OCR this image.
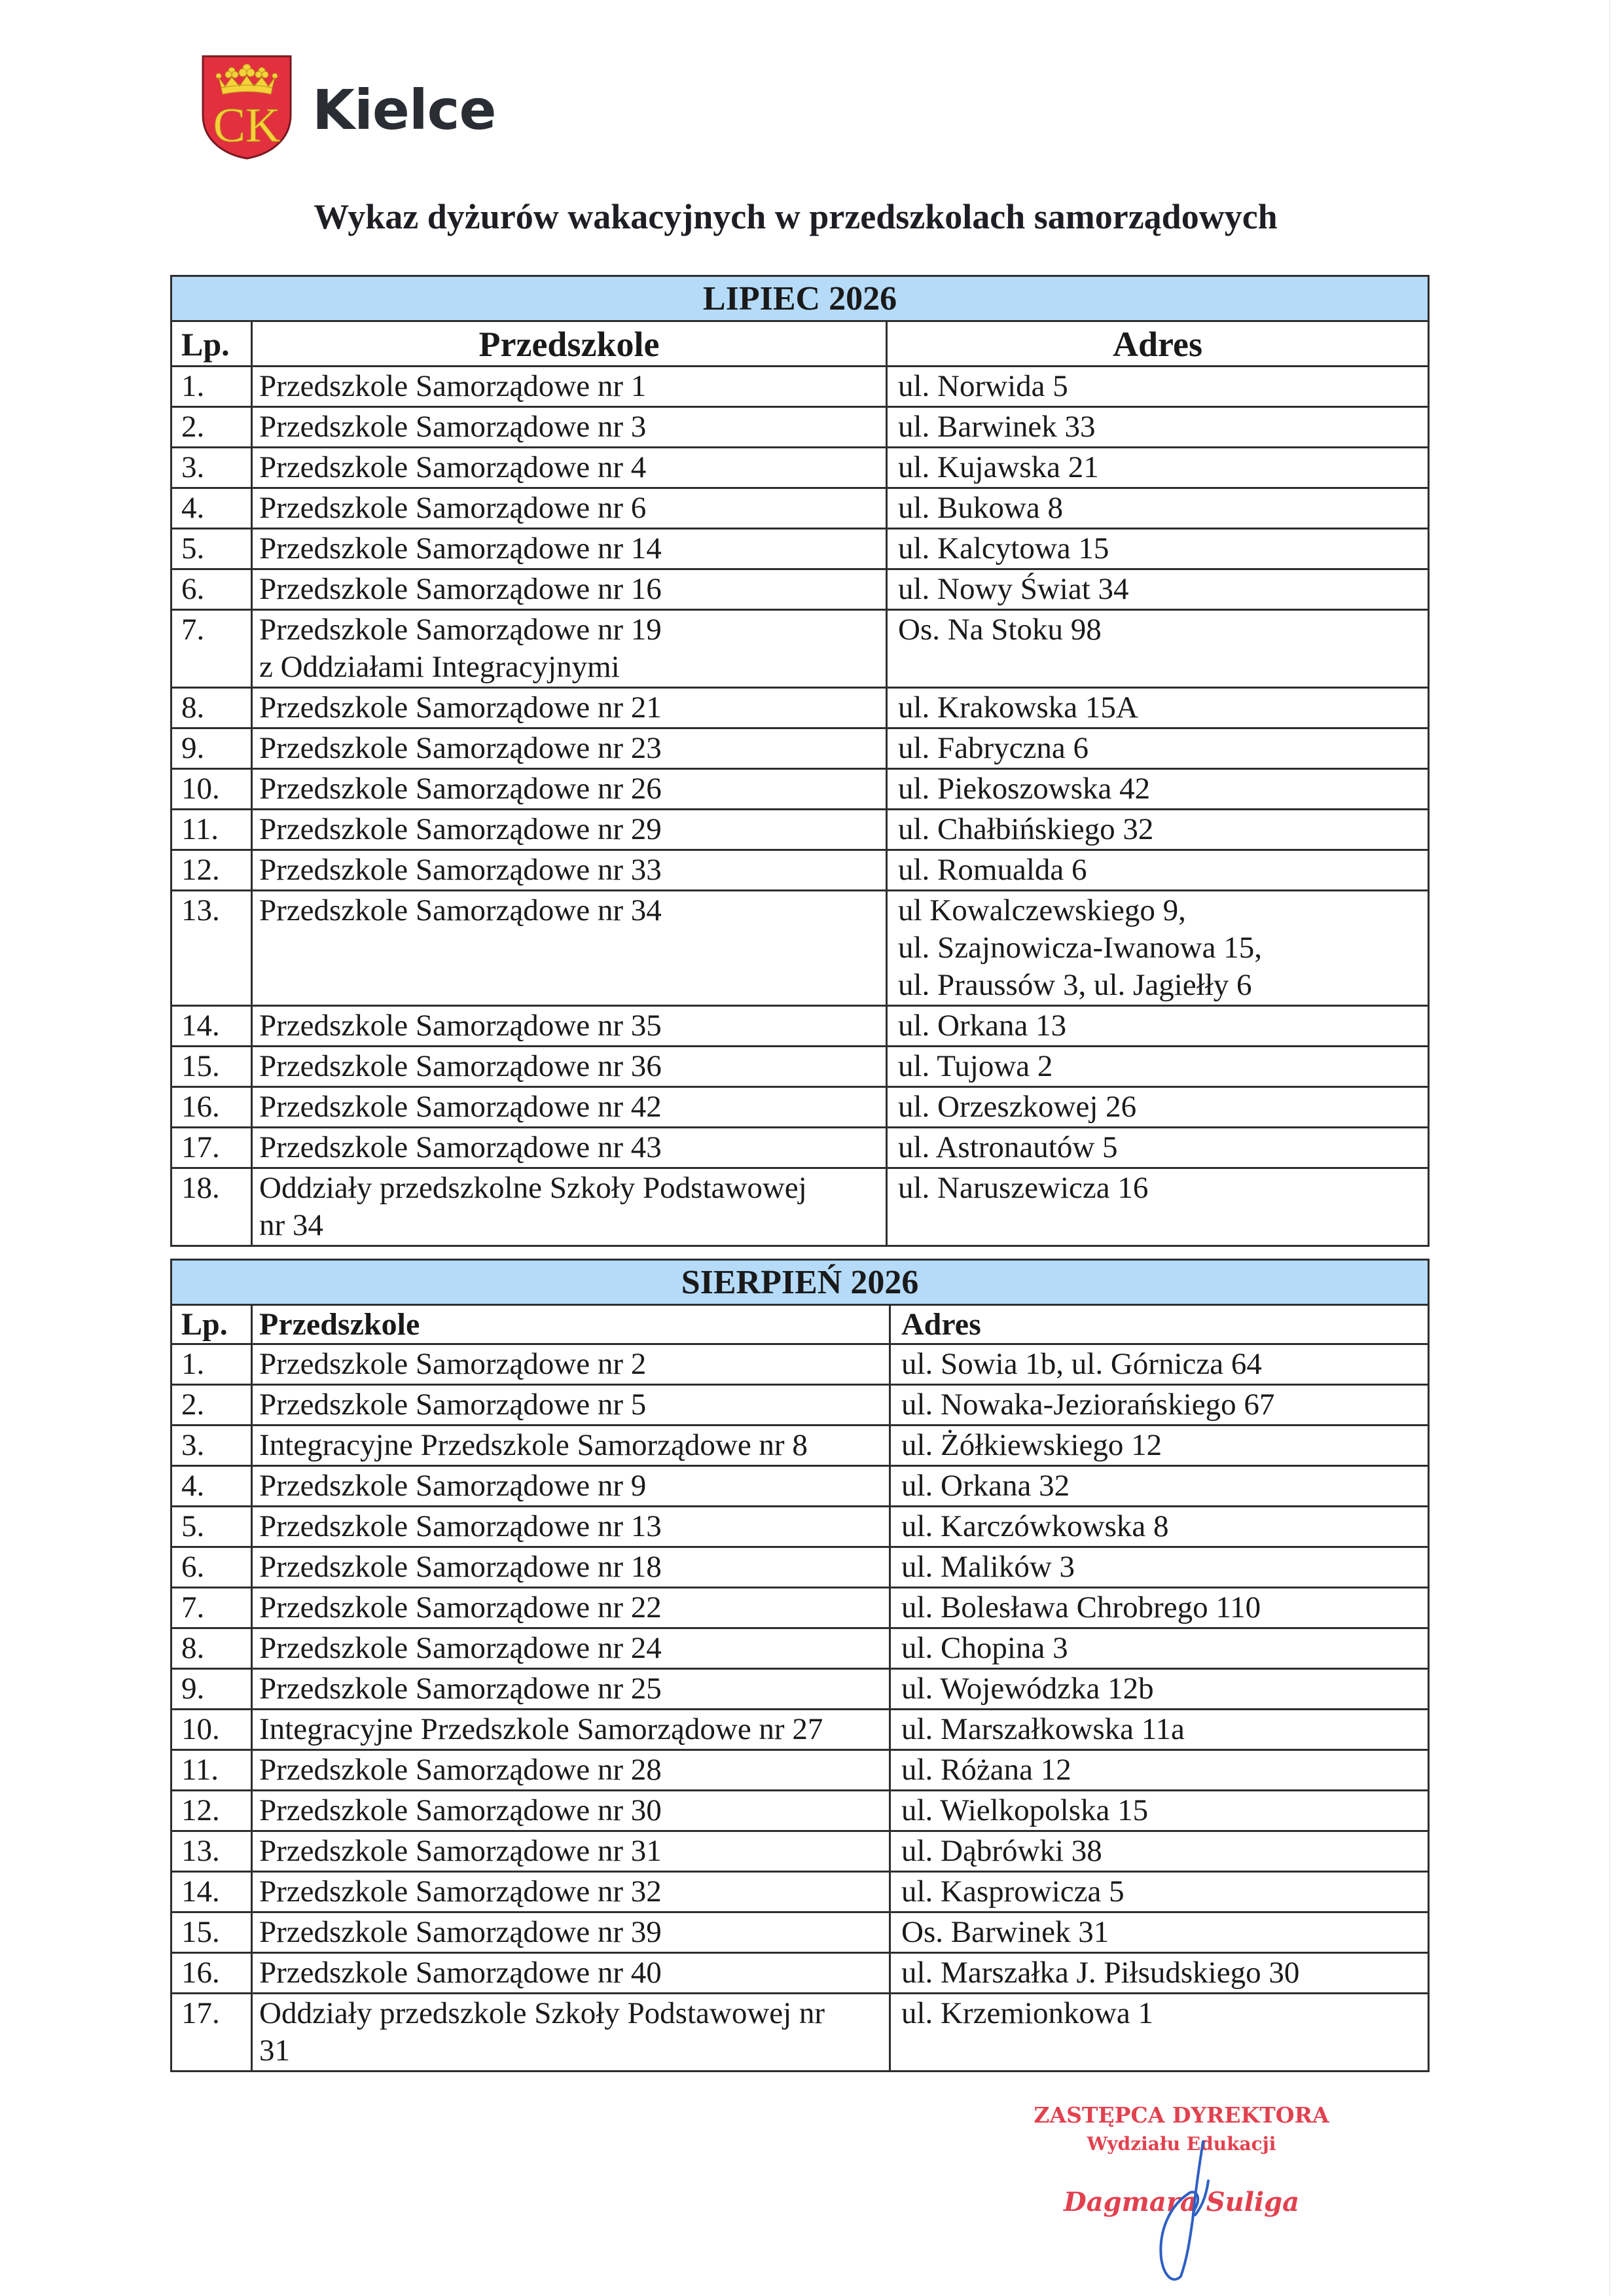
CK Kielce
Wykaz dyżurów wakacyjnych w przedszkolach samorządowych
LIPIEC 2026		
Lp.	Przedszkole	Adres
1.	Przedszkole Samorządowe nr 1	ul. Norwida 5

2.	Przedszkole Samorządowe nr 3	ul. Barwinek 33

3.	Przedszkole Samorządowe nr 4	ul. Kujawska 21

4.	Przedszkole Samorządowe nr 6	ul. Bukowa 8

5.	Przedszkole Samorządowe nr 14	ul. Kalcytowa 15

6.	Przedszkole Samorządowe nr 16	ul. Nowy Świat 34

7.	Przedszkole Samorządowe nr 19
z Oddziałami Integracyjnymi	Os. Na Stoku 98

8.	Przedszkole Samorządowe nr 21	ul. Krakowska 15A

9.	Przedszkole Samorządowe nr 23	ul. Fabryczna 6

10.	Przedszkole Samorządowe nr 26	ul. Piekoszowska 42

11.	Przedszkole Samorządowe nr 29	ul. Chałbińskiego 32

12.	Przedszkole Samorządowe nr 33	ul. Romualda 6

13.	Przedszkole Samorządowe nr 34	ul Kowalczewskiego 9,
ul. Szajnowicza-Iwanowa 15,
ul. Praussów 3, ul. Jagiełły 6

14.	Przedszkole Samorządowe nr 35	ul. Orkana 13

15.	Przedszkole Samorządowe nr 36	ul. Tujowa 2

16.	Przedszkole Samorządowe nr 42	ul. Orzeszkowej 26

17.	Przedszkole Samorządowe nr 43	ul. Astronautów 5

18.	Oddziały przedszkolne Szkoły Podstawowej
nr 34	ul. Naruszewicza 16
SIERPIEŃ 2026		
Lp.	Przedszkole	Adres
1.	Przedszkole Samorządowe nr 2	ul. Sowia 1b, ul. Górnicza 64

2.	Przedszkole Samorządowe nr 5	ul. Nowaka-Jeziorańskiego 67

3.	Integracyjne Przedszkole Samorządowe nr 8	ul. Żółkiewskiego 12

4.	Przedszkole Samorządowe nr 9	ul. Orkana 32

5.	Przedszkole Samorządowe nr 13	ul. Karczówkowska 8

6.	Przedszkole Samorządowe nr 18	ul. Malików 3

7.	Przedszkole Samorządowe nr 22	ul. Bolesława Chrobrego 110

8.	Przedszkole Samorządowe nr 24	ul. Chopina 3

9.	Przedszkole Samorządowe nr 25	ul. Wojewódzka 12b

10.	Integracyjne Przedszkole Samorządowe nr 27	ul. Marszałkowska 11a

11.	Przedszkole Samorządowe nr 28	ul. Różana 12

12.	Przedszkole Samorządowe nr 30	ul. Wielkopolska 15

13.	Przedszkole Samorządowe nr 31	ul. Dąbrówki 38

14.	Przedszkole Samorządowe nr 32	ul. Kasprowicza 5

15.	Przedszkole Samorządowe nr 39	Os. Barwinek 31

16.	Przedszkole Samorządowe nr 40	ul. Marszałka J. Piłsudskiego 30

17.	Oddziały przedszkole Szkoły Podstawowej nr
31	ul. Krzemionkowa 1
ZASTĘPCA DYREKTORA
Wydziału Edukacji
Dagmara Suliga
